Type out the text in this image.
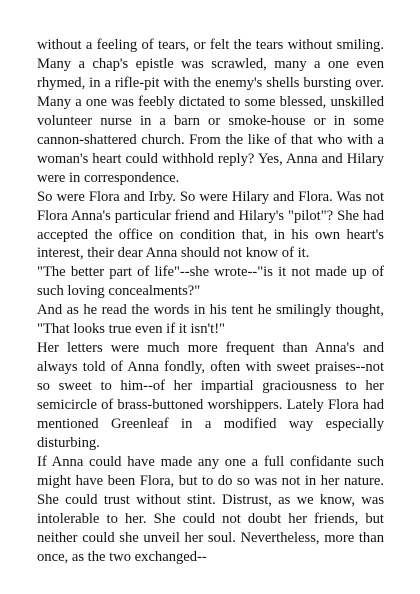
without a feeling of tears, or felt the tears without smiling. Many a chap's epistle was scrawled, many a one even rhymed, in a rifle-pit with the enemy's shells bursting over. Many a one was feebly dictated to some blessed, unskilled volunteer nurse in a barn or smoke-house or in some cannon-shattered church. From the like of that who with a woman's heart could withhold reply? Yes, Anna and Hilary were in correspondence.

So were Flora and Irby. So were Hilary and Flora. Was not Flora Anna's particular friend and Hilary's "pilot"? She had accepted the office on condition that, in his own heart's interest, their dear Anna should not know of it.

"The better part of life"--she wrote--"is it not made up of such loving concealments?"

And as he read the words in his tent he smilingly thought, "That looks true even if it isn't!"

Her letters were much more frequent than Anna's and always told of Anna fondly, often with sweet praises--not so sweet to him--of her impartial graciousness to her semicircle of brass-buttoned worshippers. Lately Flora had mentioned Greenleaf in a modified way especially disturbing.

If Anna could have made any one a full confidante such might have been Flora, but to do so was not in her nature. She could trust without stint. Distrust, as we know, was intolerable to her. She could not doubt her friends, but neither could she unveil her soul. Nevertheless, more than once, as the two exchanged--
